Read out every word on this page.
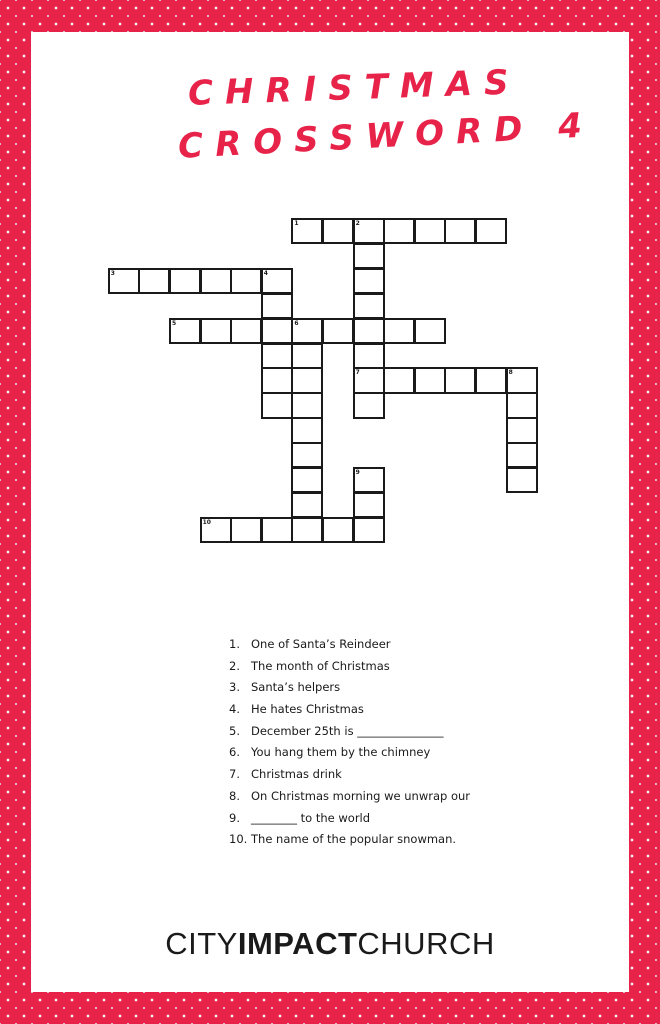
CHRISTMAS
CROSSWORD 4
1	2
3	4
5	6
7	8
9
10
1. One of Santa’s Reindeer
2. The month of Christmas
3. Santa’s helpers
4. He hates Christmas
5. December 25th is _______________
6. You hang them by the chimney
7. Christmas drink
8. On Christmas morning we unwrap our
9. ________ to the world
10. The name of the popular snowman.
CITYIMPACTCHURCH
